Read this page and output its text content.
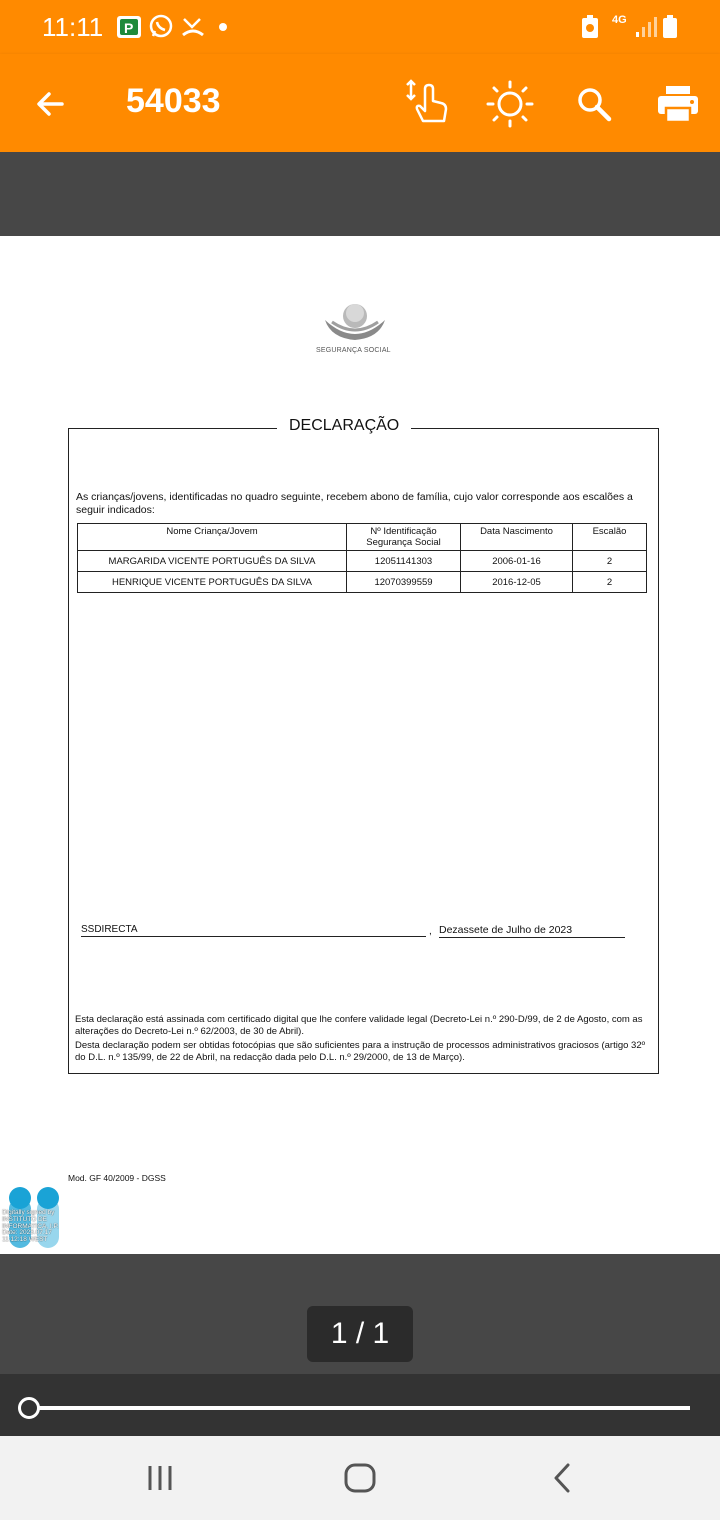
11:11 P	4G
54033
SEGURANÇA SOCIAL
DECLARAÇÃO
As crianças/jovens, identificadas no quadro seguinte, recebem abono de família, cujo valor corresponde aos escalões a seguir indicados:
Nome Criança/Jovem	Nº Identificação Segurança Social	Data Nascimento	Escalão
MARGARIDA VICENTE PORTUGUÊS DA SILVA	12051141303	2006-01-16	2
HENRIQUE VICENTE PORTUGUÊS DA SILVA	12070399559	2016-12-05	2
SSDIRECTA	, Dezassete de Julho de 2023
Esta declaração está assinada com certificado digital que lhe confere validade legal (Decreto-Lei n.º 290-D/99, de 2 de Agosto, com as alterações do Decreto-Lei n.º 62/2003, de 30 de Abril).
Desta declaração podem ser obtidas fotocópias que são suficientes para a instrução de processos administrativos graciosos (artigo 32º do D.L. n.º 135/99, de 22 de Abril, na redacção dada pelo D.L. n.º 29/2000, de 13 de Março).
Mod. GF 40/2009 - DGSS
Digitally signed by
INSTITUTO DE
INFORMATICA, I.P.
Date: 2023.07.17
11:12:18 WEST
1 / 1
